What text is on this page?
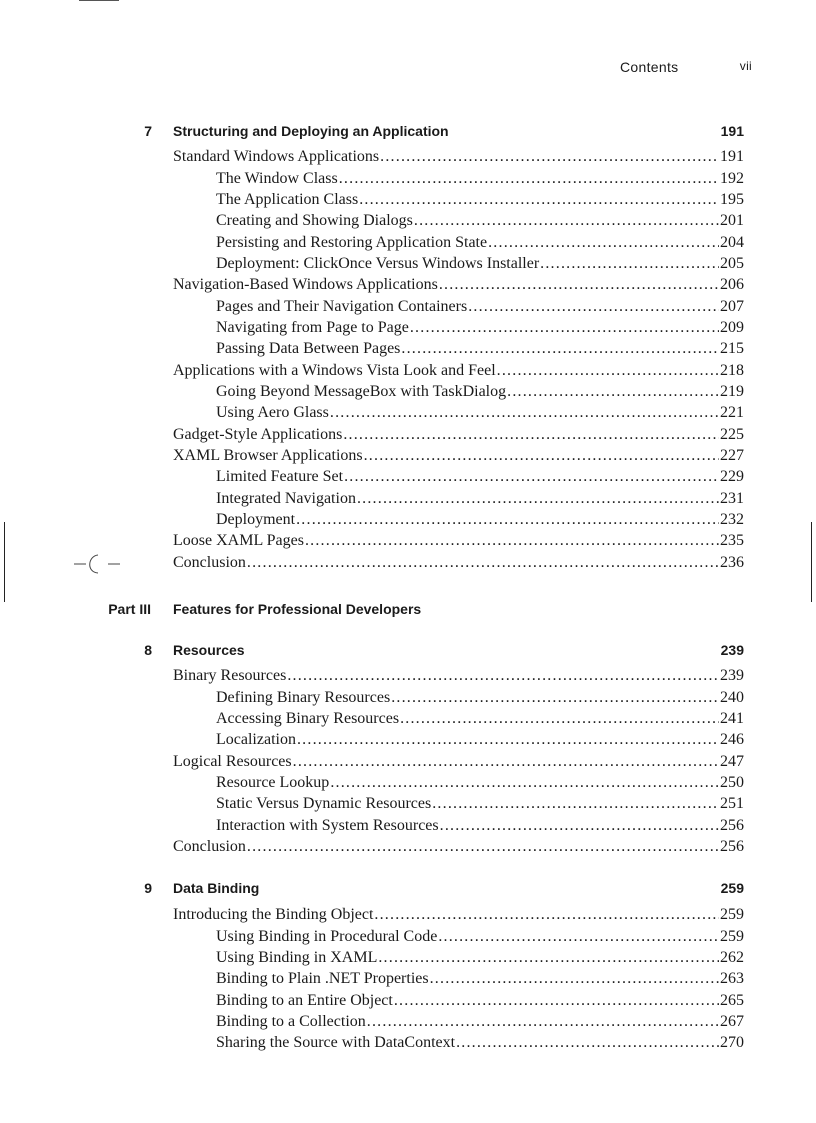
Contents	vii
7 Structuring and Deploying an Application	191
Standard Windows Applications .....	191
The Window Class .....	192
The Application Class .....	195
Creating and Showing Dialogs .....	201
Persisting and Restoring Application State .....	204
Deployment: ClickOnce Versus Windows Installer .....	205
Navigation-Based Windows Applications .....	206
Pages and Their Navigation Containers .....	207
Navigating from Page to Page .....	209
Passing Data Between Pages .....	215
Applications with a Windows Vista Look and Feel .....	218
Going Beyond MessageBox with TaskDialog .....	219
Using Aero Glass .....	221
Gadget-Style Applications .....	225
XAML Browser Applications .....	227
Limited Feature Set .....	229
Integrated Navigation .....	231
Deployment .....	232
Loose XAML Pages .....	235
Conclusion .....	236
Part III Features for Professional Developers
8 Resources	239
Binary Resources .....	239
Defining Binary Resources .....	240
Accessing Binary Resources .....	241
Localization .....	246
Logical Resources .....	247
Resource Lookup .....	250
Static Versus Dynamic Resources .....	251
Interaction with System Resources .....	256
Conclusion .....	256
9 Data Binding	259
Introducing the Binding Object .....	259
Using Binding in Procedural Code .....	259
Using Binding in XAML .....	262
Binding to Plain .NET Properties .....	263
Binding to an Entire Object .....	265
Binding to a Collection .....	267
Sharing the Source with DataContext .....	270
